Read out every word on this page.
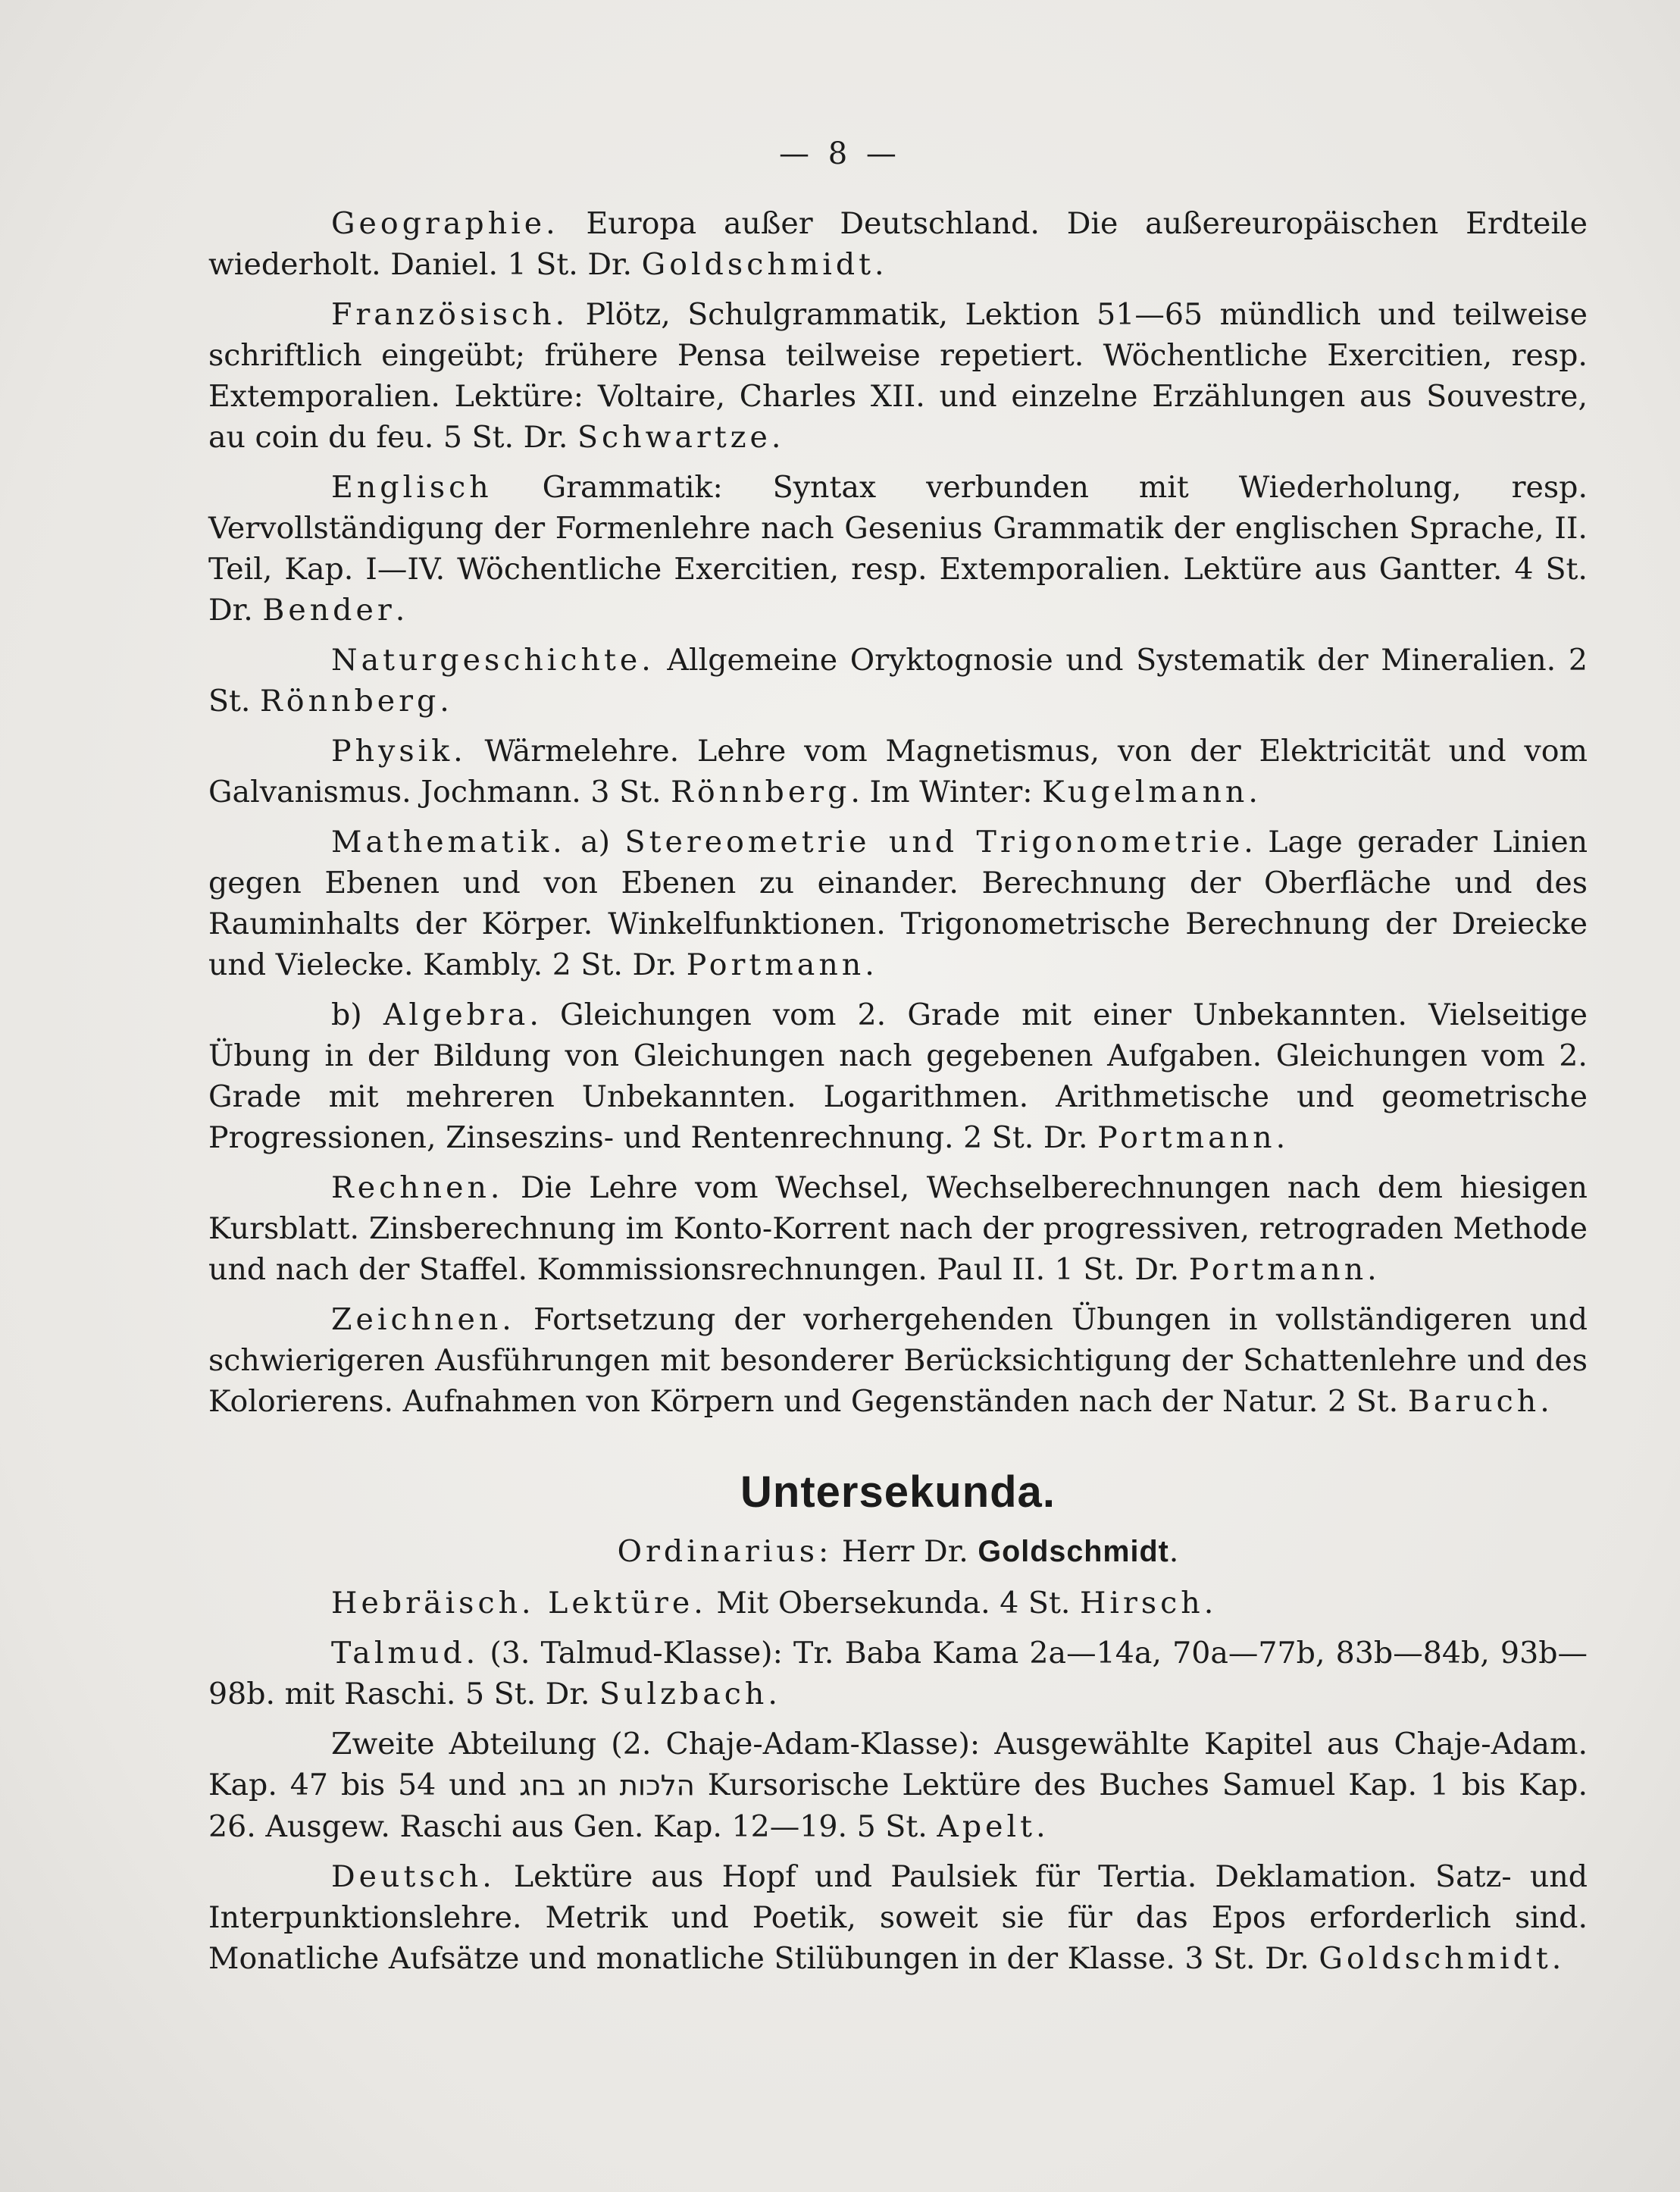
— 8 —

Geographie. Europa außer Deutschland. Die außereuropäischen Erdteile wiederholt. Daniel. 1 St. Dr. Goldschmidt.

Französisch. Plötz, Schulgrammatik, Lektion 51—65 mündlich und teilweise schriftlich eingeübt; frühere Pensa teilweise repetiert. Wöchentliche Exercitien, resp. Extemporalien. Lektüre: Voltaire, Charles XII. und einzelne Erzählungen aus Souvestre, au coin du feu. 5 St. Dr. Schwartze.

Englisch Grammatik: Syntax verbunden mit Wiederholung, resp. Vervollständigung der Formenlehre nach Gesenius Grammatik der englischen Sprache, II. Teil, Kap. I—IV. Wöchentliche Exercitien, resp. Extemporalien. Lektüre aus Gantter. 4 St. Dr. Bender.

Naturgeschichte. Allgemeine Oryktognosie und Systematik der Mineralien. 2 St. Rönnberg.

Physik. Wärmelehre. Lehre vom Magnetismus, von der Elektricität und vom Galvanismus. Jochmann. 3 St. Rönnberg. Im Winter: Kugelmann.

Mathematik. a) Stereometrie und Trigonometrie. Lage gerader Linien gegen Ebenen und von Ebenen zu einander. Berechnung der Oberfläche und des Rauminhalts der Körper. Winkelfunktionen. Trigonometrische Berechnung der Dreiecke und Vielecke. Kambly. 2 St. Dr. Portmann.

b) Algebra. Gleichungen vom 2. Grade mit einer Unbekannten. Vielseitige Übung in der Bildung von Gleichungen nach gegebenen Aufgaben. Gleichungen vom 2. Grade mit mehreren Unbekannten. Logarithmen. Arithmetische und geometrische Progressionen, Zinseszins- und Rentenrechnung. 2 St. Dr. Portmann.

Rechnen. Die Lehre vom Wechsel, Wechselberechnungen nach dem hiesigen Kursblatt. Zinsberechnung im Konto-Korrent nach der progressiven, retrograden Methode und nach der Staffel. Kommissionsrechnungen. Paul II. 1 St. Dr. Portmann.

Zeichnen. Fortsetzung der vorhergehenden Übungen in vollständigeren und schwierigeren Ausführungen mit besonderer Berücksichtigung der Schattenlehre und des Kolorierens. Aufnahmen von Körpern und Gegenständen nach der Natur. 2 St. Baruch.

Untersekunda.
Ordinarius: Herr Dr. Goldschmidt.

Hebräisch. Lektüre. Mit Obersekunda. 4 St. Hirsch.

Talmud. (3. Talmud-Klasse): Tr. Baba Kama 2a—14a, 70a—77b, 83b—84b, 93b—98b. mit Raschi. 5 St. Dr. Sulzbach.

Zweite Abteilung (2. Chaje-Adam-Klasse): Ausgewählte Kapitel aus Chaje-Adam. Kap. 47 bis 54 und הלכות חג בחג Kursorische Lektüre des Buches Samuel Kap. 1 bis Kap. 26. Ausgew. Raschi aus Gen. Kap. 12—19. 5 St. Apelt.

Deutsch. Lektüre aus Hopf und Paulsiek für Tertia. Deklamation. Satz- und Interpunktionslehre. Metrik und Poetik, soweit sie für das Epos erforderlich sind. Monatliche Aufsätze und monatliche Stilübungen in der Klasse. 3 St. Dr. Goldschmidt.
